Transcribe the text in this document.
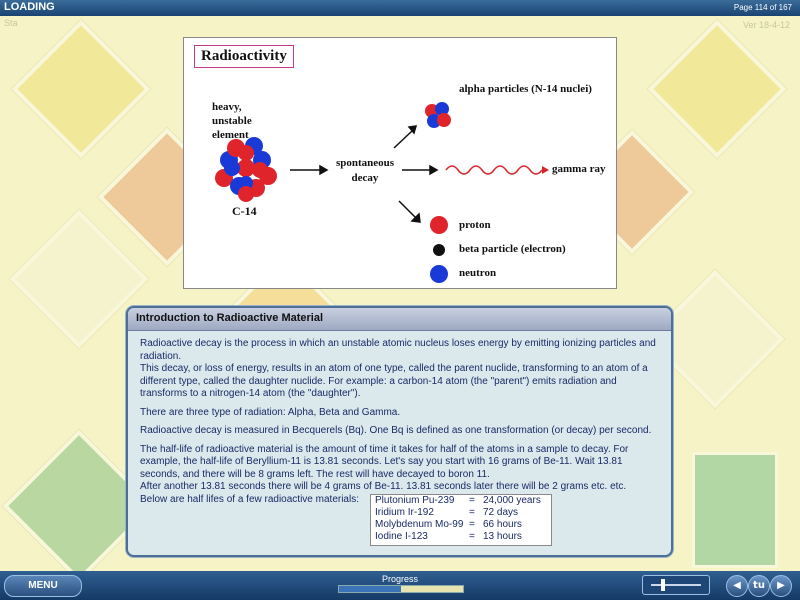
LOADING	Page 114 of 167
Sta	Ver 18-4-12
Radioactivity
heavy, unstable element
C-14
spontaneous decay
alpha particles (N-14 nuclei)
gamma ray
proton
beta particle (electron)
neutron
Introduction to Radioactive Material

Radioactive decay is the process in which an unstable atomic nucleus loses energy by emitting ionizing particles and radiation.

This decay, or loss of energy, results in an atom of one type, called the parent nuclide, transforming to an atom of a different type, called the daughter nuclide. For example: a carbon-14 atom (the "parent") emits radiation and transforms to a nitrogen-14 atom (the "daughter").

There are three type of radiation: Alpha, Beta and Gamma.

Radioactive decay is measured in Becquerels (Bq). One Bq is defined as one transformation (or decay) per second.

The half-life of radioactive material is the amount of time it takes for half of the atoms in a sample to decay. For example, the half-life of Beryllium-11 is 13.81 seconds. Let's say you start with 16 grams of Be-11. Wait 13.81 seconds, and there will be 8 grams left. The rest will have decayed to boron 11.

After another 13.81 seconds there will be 4 grams of Be-11. 13.81 seconds later there will be 2 grams etc. etc.

Below are half lifes of a few radioactive materials: Plutonium Pu-239 = 24,000 years
Iridium Ir-192	= 72 days
Molybdenum Mo-99 = 66 hours
Iodine I-123	= 13 hours
MENU
Progress
◀	tu	▶
